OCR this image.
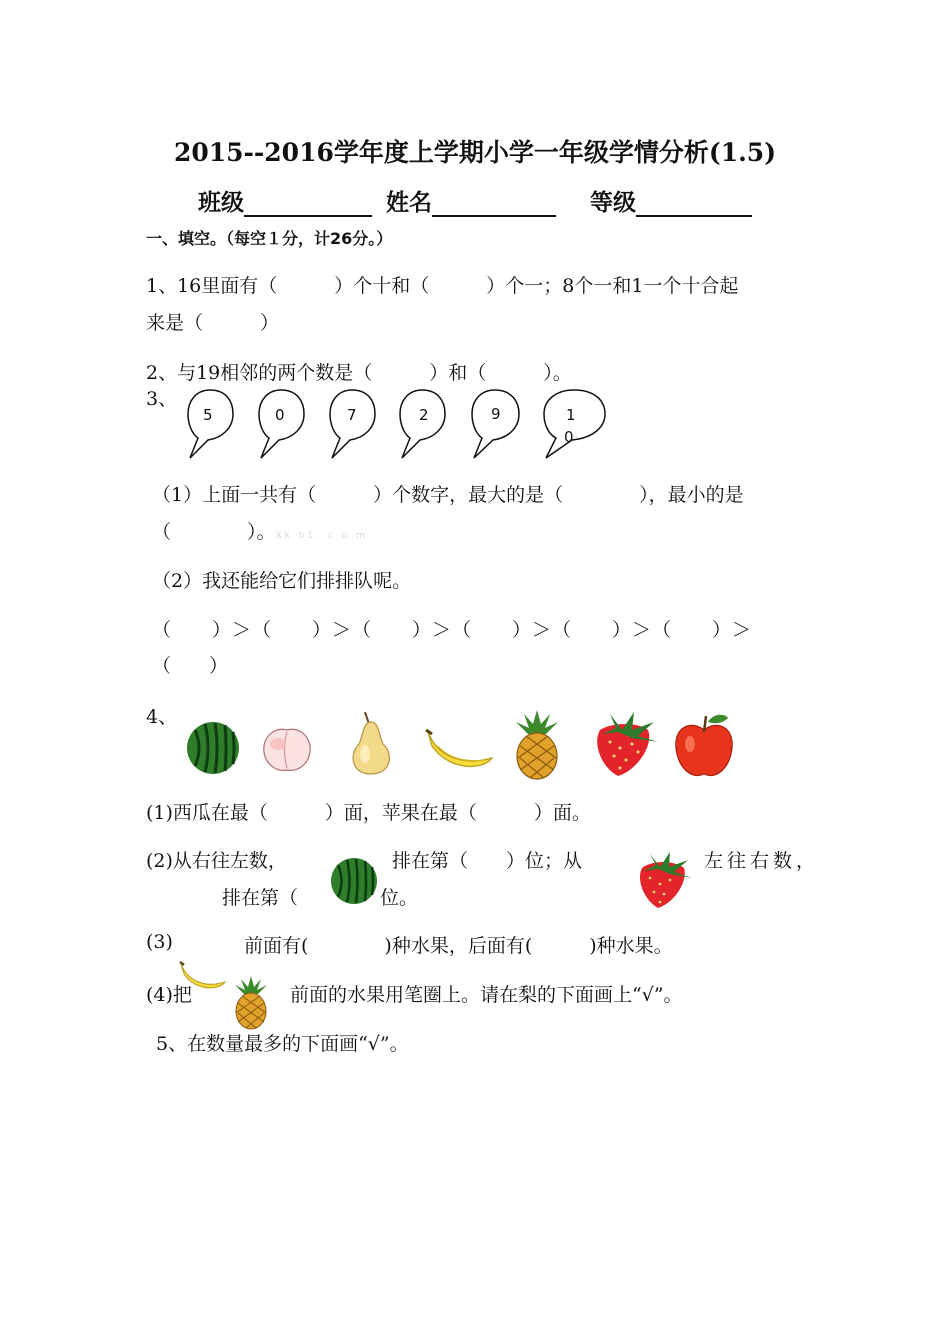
2015--2016学年度上学期小学一年级学情分析(1.5)
班级	姓名	等级
一、填空。（每空１分，计26分。）
1、16里面有（　　　）个十和（　　　）个一；8个一和1一个十合起
来是（　　　）
2、与19相邻的两个数是（　　　）和（　　　）。
3、
5	0	7	2	9	1
0
（1）上面一共有（　　　）个数字，最大的是（　　　　），最小的是
（　　　　）。Xk b1. c o m
（2）我还能给它们排排队呢。
（　　）＞（　　）＞（　　）＞（　　）＞（　　）＞（　　）＞
（　　）
4、
(1)西瓜在最（　　　）面，苹果在最（　　　）面。
(2)从右往左数，	排在第（　　）位；从	左往右数，
排在第（	位。
(3)	前面有(　　　　)种水果，后面有(　　　)种水果。
(4)把	前面的水果用笔圈上。请在梨的下面画上“√”。
5、在数量最多的下面画“√”。
